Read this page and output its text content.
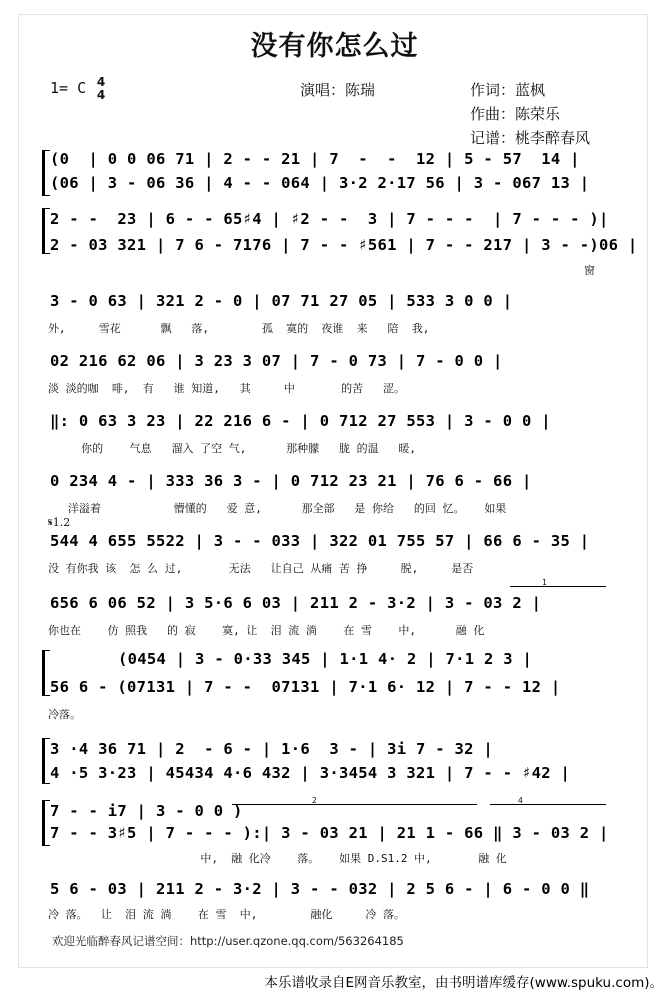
没有你怎么过
1= C 4
4	演唱：陈瑞	作词：蓝枫
作曲：陈荣乐
记谱：桃李醉春风
(0  | 0 0 06 71 | 2 - - 21 | 7  -  -  12 | 5 - 57  14 |
(06 | 3 - 06 36 | 4 - - 064 | 3·2 2·17 56 | 3 - 067 13 |
2 - -  23 | 6 - - 65♯4 | ♯2 - -  3 | 7 - - -  | 7 - - - )|
2 - 03 321 | 7 6 - 7176 | 7 - - ♯561 | 7 - - 217 | 3 - -)06 |
窗
3 - 0 63 | 321 2 - 0 | 07 71 27 05 | 533 3 0 0 |
外,     雪花      飘   落,        孤  寞的  夜谁  来   陪  我,
02 216 62 06 | 3 23 3 07 | 7 - 0 73 | 7 - 0 0 |
淡 淡的咖  啡,  有   谁 知道,   其     中       的苦   涩。
‖: 0 63 3 23 | 22 216 6 - | 0 712 27 553 | 3 - 0 0 |
你的    气息   溜入 了空 气,      那种朦   胧 的温   暖,
0 234 4 - | 333 36 3 - | 0 712 23 21 | 76 6 - 66 |
洋溢着           懵懂的   爱 意,      那全部   是 你给   的回 忆。   如果
𝄋1.2
544 4 655 5522 | 3 - - 033 | 322 01 755 57 | 66 6 - 35 |
没 有你我 该  怎 么 过,       无法   让自己 从痛 苦 挣     脱,     是否
1
656 6 06 52 | 3 5·6 6 03 | 211 2 - 3·2 | 3 - 03 2 |
你也在    仿 照我   的 寂    寞, 让  泪 流 淌    在 雪    中,      融 化
(0454 | 3 - 0·33 345 | 1·1 4· 2 | 7·1 2 3 |
56 6 - (07131 | 7 - -  07131 | 7·1 6· 12 | 7 - - 12 |
冷落。
3 ·4 36 71 | 2  - 6 - | 1·6  3 - | 3i 7 - 32 |
4 ·5 3·23 | 45434 4·6 432 | 3·3454 3 321 | 7 - - ♯42 |
2	4
7 - - i7 | 3 - 0 0 )
7 - - 3♯5 | 7 - - - ):| 3 - 03 21 | 21 1 - 66 ‖ 3 - 03 2 |
中,  融 化冷    落。   如果 D.S1.2 中,       融 化
5 6 - 03 | 211 2 - 3·2 | 3 - - 032 | 2 5 6 - | 6 - 0 0 ‖
冷 落。  让  泪 流 淌    在 雪  中,        融化     冷 落。
欢迎光临醉春风记谱空间：http://user.qzone.qq.com/563264185
本乐谱收录自E网音乐教室，由书明谱库缓存(www.spuku.com)。
